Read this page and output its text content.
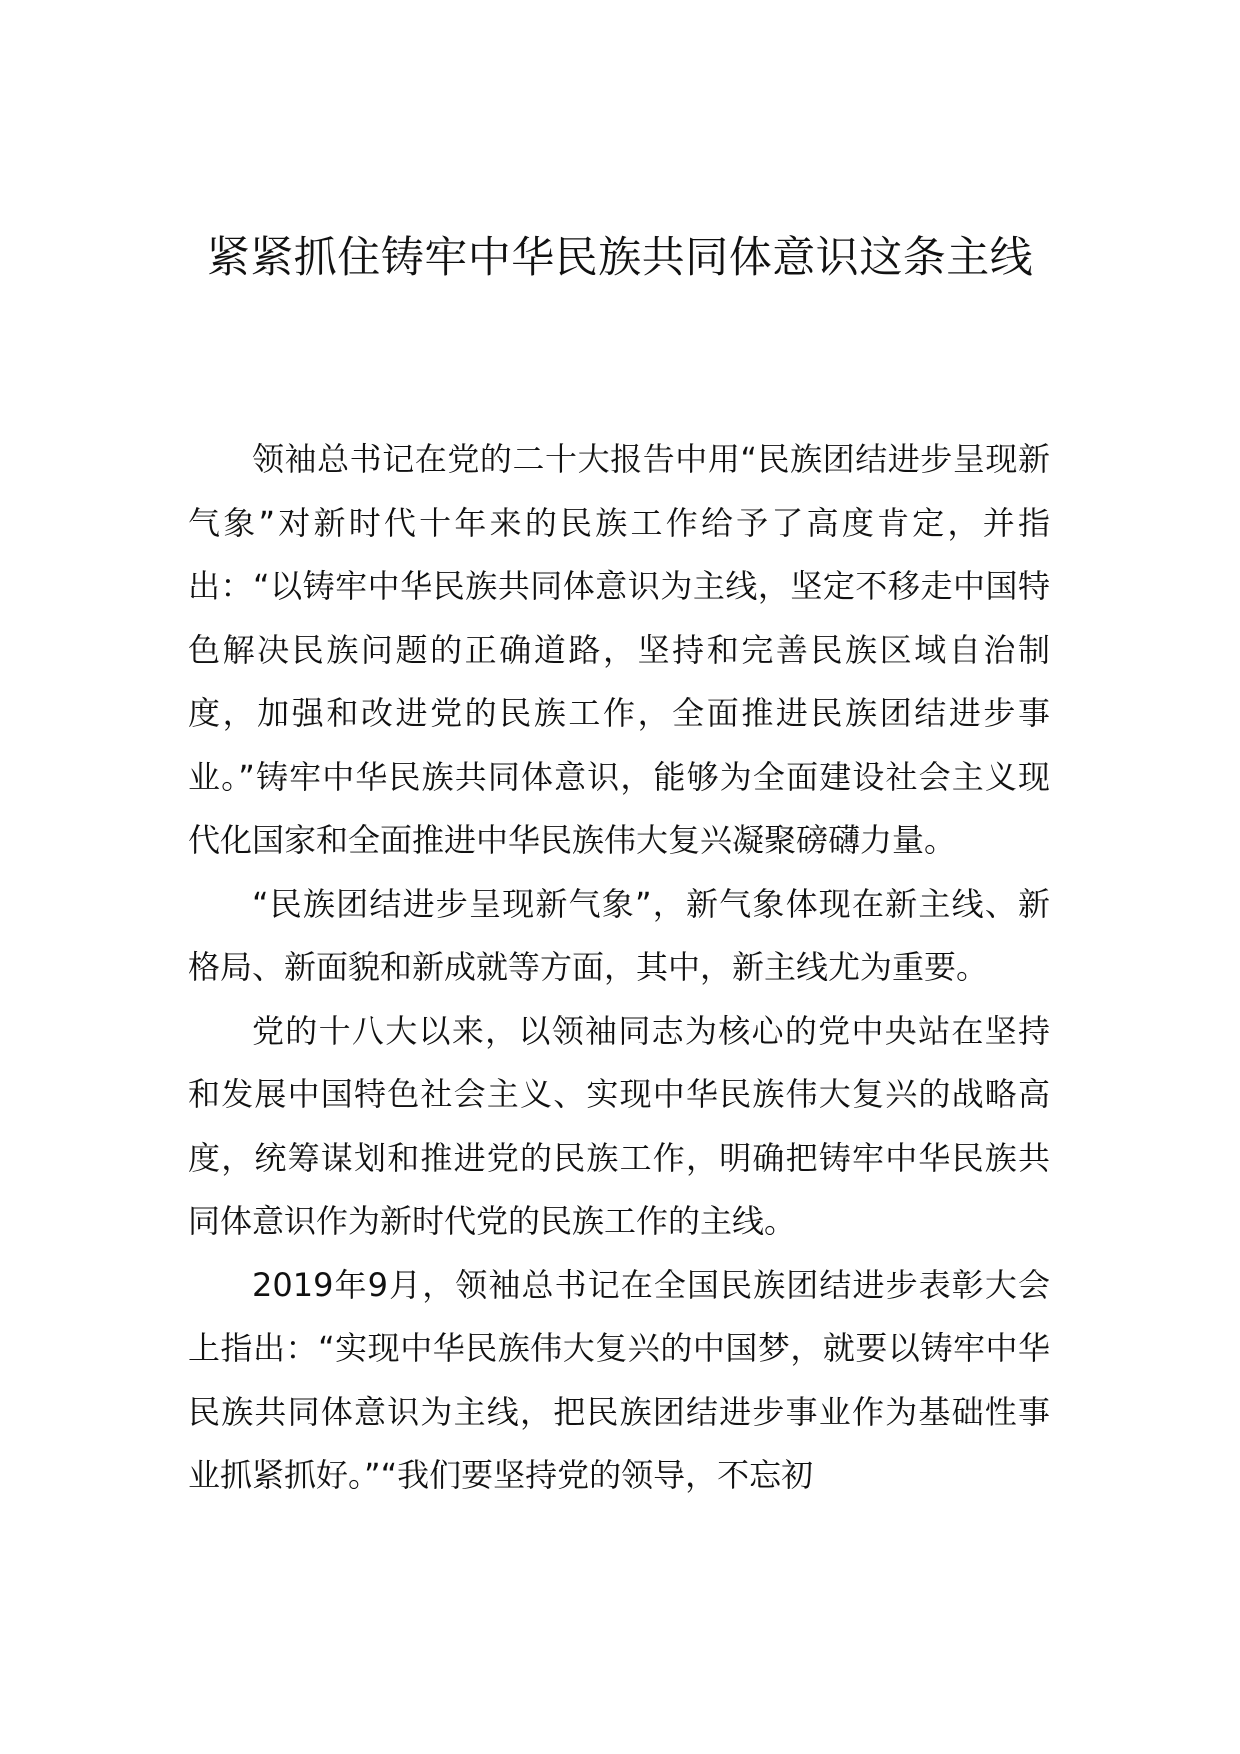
紧紧抓住铸牢中华民族共同体意识这条主线

领袖总书记在党的二十大报告中用“民族团结进步呈现新气象”对新时代十年来的民族工作给予了高度肯定，并指出：“以铸牢中华民族共同体意识为主线，坚定不移走中国特色解决民族问题的正确道路，坚持和完善民族区域自治制度，加强和改进党的民族工作，全面推进民族团结进步事业。”铸牢中华民族共同体意识，能够为全面建设社会主义现代化国家和全面推进中华民族伟大复兴凝聚磅礴力量。

“民族团结进步呈现新气象”，新气象体现在新主线、新格局、新面貌和新成就等方面，其中，新主线尤为重要。

党的十八大以来，以领袖同志为核心的党中央站在坚持和发展中国特色社会主义、实现中华民族伟大复兴的战略高度，统筹谋划和推进党的民族工作，明确把铸牢中华民族共同体意识作为新时代党的民族工作的主线。

2019年9月，领袖总书记在全国民族团结进步表彰大会上指出：“实现中华民族伟大复兴的中国梦，就要以铸牢中华民族共同体意识为主线，把民族团结进步事业作为基础性事业抓紧抓好。”“我们要坚持党的领导，不忘初
